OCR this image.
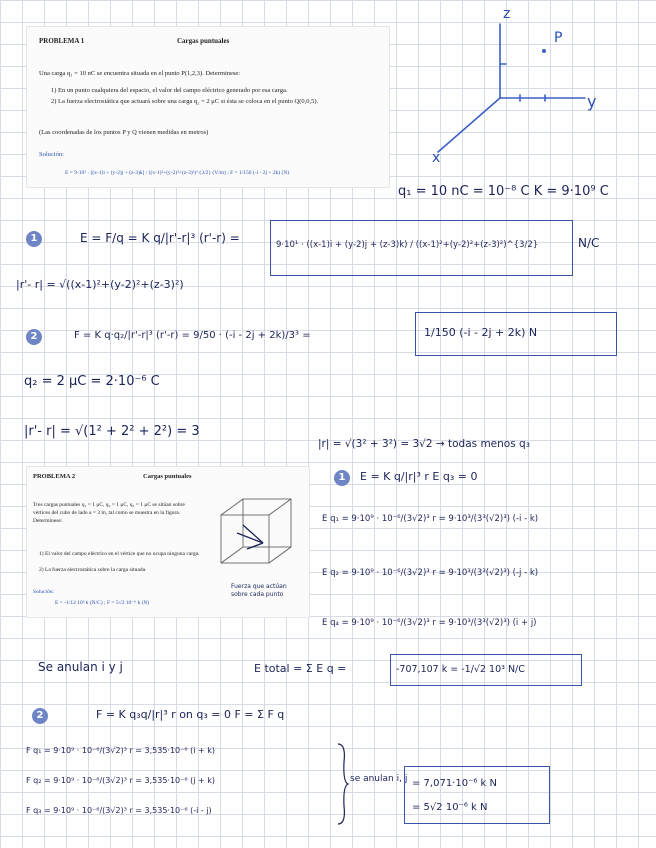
PROBLEMA 1	Cargas puntuales
Una carga q₁ = 10 nC se encuentra situada en el punto P(1,2,3). Determinese:
1) En un punto cualquiera del espacio, el valor del campo eléctrico generado por esa carga.
2) La fuerza electrostática que actuará sobre una carga q₂ = 2 μC si ésta se coloca en el punto Q(0,0,5).
(Las coordenadas de los puntos P y Q vienen medidas en metros)
Solución:
E = 9·10² · [(x-1)i + (y-2)j + (z-3)k] / ((x-1)²+(y-2)²+(z-3)²)^{3/2} (V/m) ; F = 1/150 (-i - 2j + 2k) (N)
z
y
x
P
q₁ = 10 nC = 10⁻⁸ C K = 9·10⁹ C
1	E = F/q = K q/|r'-r|³ (r'-r) =	9·10¹ · ((x-1)i + (y-2)j + (z-3)k) / ((x-1)²+(y-2)²+(z-3)²)^{3/2}	N/C
|r'- r| = √((x-1)²+(y-2)²+(z-3)²)
2	F = K q·q₂/|r'-r|³ (r'-r) = 9/50 · (-i - 2j + 2k)/3³ =	1/150 (-i - 2j + 2k) N
q₂ = 2 μC = 2·10⁻⁶ C
|r'- r| = √(1² + 2² + 2²) = 3
|r| = √(3² + 3²) = 3√2 → todas menos q₃
PROBLEMA 2	Cargas puntuales
Tres cargas puntuales q₁ = 1 μC, q₂ = 1 μC, q₃ = 1 μC se sitúan sobre vértices del cubo de lado a = 3 m, tal como se muestra en la figura. Determínese:
1) El valor del campo eléctrico en el vértice que no ocupa ninguna carga.
2) La fuerza electrostática sobre la carga situada.
Solución:
E = -1/12 10³ k (N/C) ; F = 5√2 10⁻⁶ k (N)
Fuerza que actúan sobre cada punto
1	E = K q/|r|³ r E q₃ = 0
E q₁ = 9·10⁹ · 10⁻⁶/(3√2)³ r = 9·10³/(3³(√2)³) (-i - k)
E q₂ = 9·10⁹ · 10⁻⁶/(3√2)³ r = 9·10³/(3³(√2)³) (-j - k)
E q₄ = 9·10⁹ · 10⁻⁶/(3√2)³ r = 9·10³/(3³(√2)³) (i + j)
Se anulan i y j	E total = Σ E q =	-707,107 k = -1/√2 10³ N/C
2	F = K q₃q/|r|³ r on q₃ = 0 F = Σ F q
F q₁ = 9·10⁹ · 10⁻⁶/(3√2)³ r = 3,535·10⁻⁶ (i + k)
F q₂ = 9·10⁹ · 10⁻⁶/(3√2)³ r = 3,535·10⁻⁶ (j + k)
F q₃ = 9·10⁹ · 10⁻⁶/(3√2)³ r = 3,535·10⁻⁶ (-i - j)
se anulan i, j = 7,071·10⁻⁶ k N
= 5√2 10⁻⁶ k N
